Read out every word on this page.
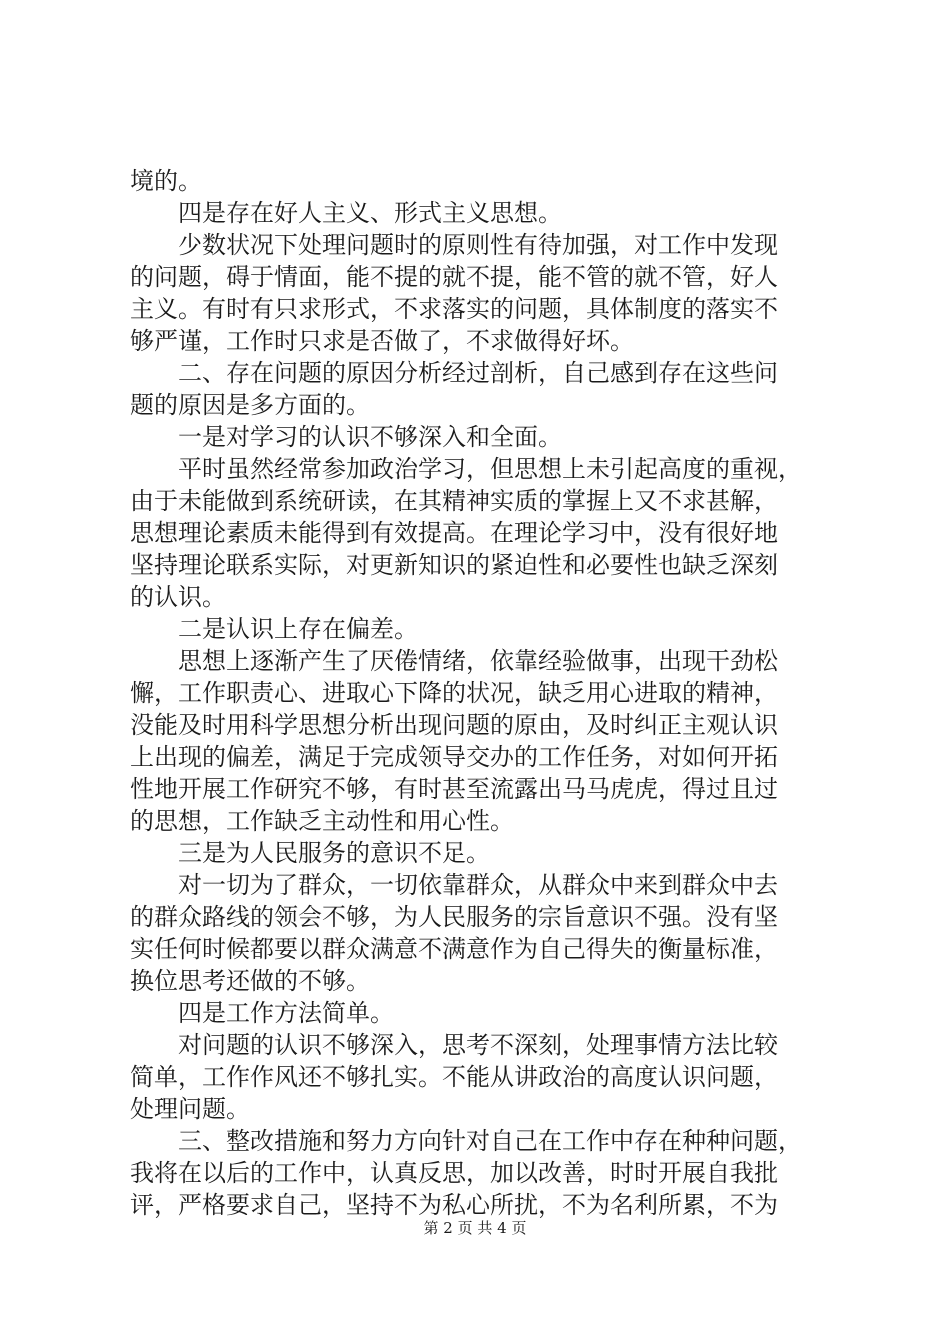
境的。
四是存在好人主义、形式主义思想。
少数状况下处理问题时的原则性有待加强，对工作中发现
的问题，碍于情面，能不提的就不提，能不管的就不管，好人
主义。有时有只求形式，不求落实的问题，具体制度的落实不
够严谨，工作时只求是否做了，不求做得好坏。
二、存在问题的原因分析经过剖析，自己感到存在这些问
题的原因是多方面的。
一是对学习的认识不够深入和全面。
平时虽然经常参加政治学习，但思想上未引起高度的重视，
由于未能做到系统研读，在其精神实质的掌握上又不求甚解，
思想理论素质未能得到有效提高。在理论学习中，没有很好地
坚持理论联系实际，对更新知识的紧迫性和必要性也缺乏深刻
的认识。
二是认识上存在偏差。
思想上逐渐产生了厌倦情绪，依靠经验做事，出现干劲松
懈，工作职责心、进取心下降的状况，缺乏用心进取的精神，
没能及时用科学思想分析出现问题的原由，及时纠正主观认识
上出现的偏差，满足于完成领导交办的工作任务，对如何开拓
性地开展工作研究不够，有时甚至流露出马马虎虎，得过且过
的思想，工作缺乏主动性和用心性。
三是为人民服务的意识不足。
对一切为了群众，一切依靠群众，从群众中来到群众中去
的群众路线的领会不够，为人民服务的宗旨意识不强。没有坚
实任何时候都要以群众满意不满意作为自己得失的衡量标准，
换位思考还做的不够。
四是工作方法简单。
对问题的认识不够深入，思考不深刻，处理事情方法比较
简单，工作作风还不够扎实。不能从讲政治的高度认识问题，
处理问题。
三、整改措施和努力方向针对自己在工作中存在种种问题，
我将在以后的工作中，认真反思，加以改善，时时开展自我批
评，严格要求自己，坚持不为私心所扰，不为名利所累，不为
第 2 页 共 4 页
